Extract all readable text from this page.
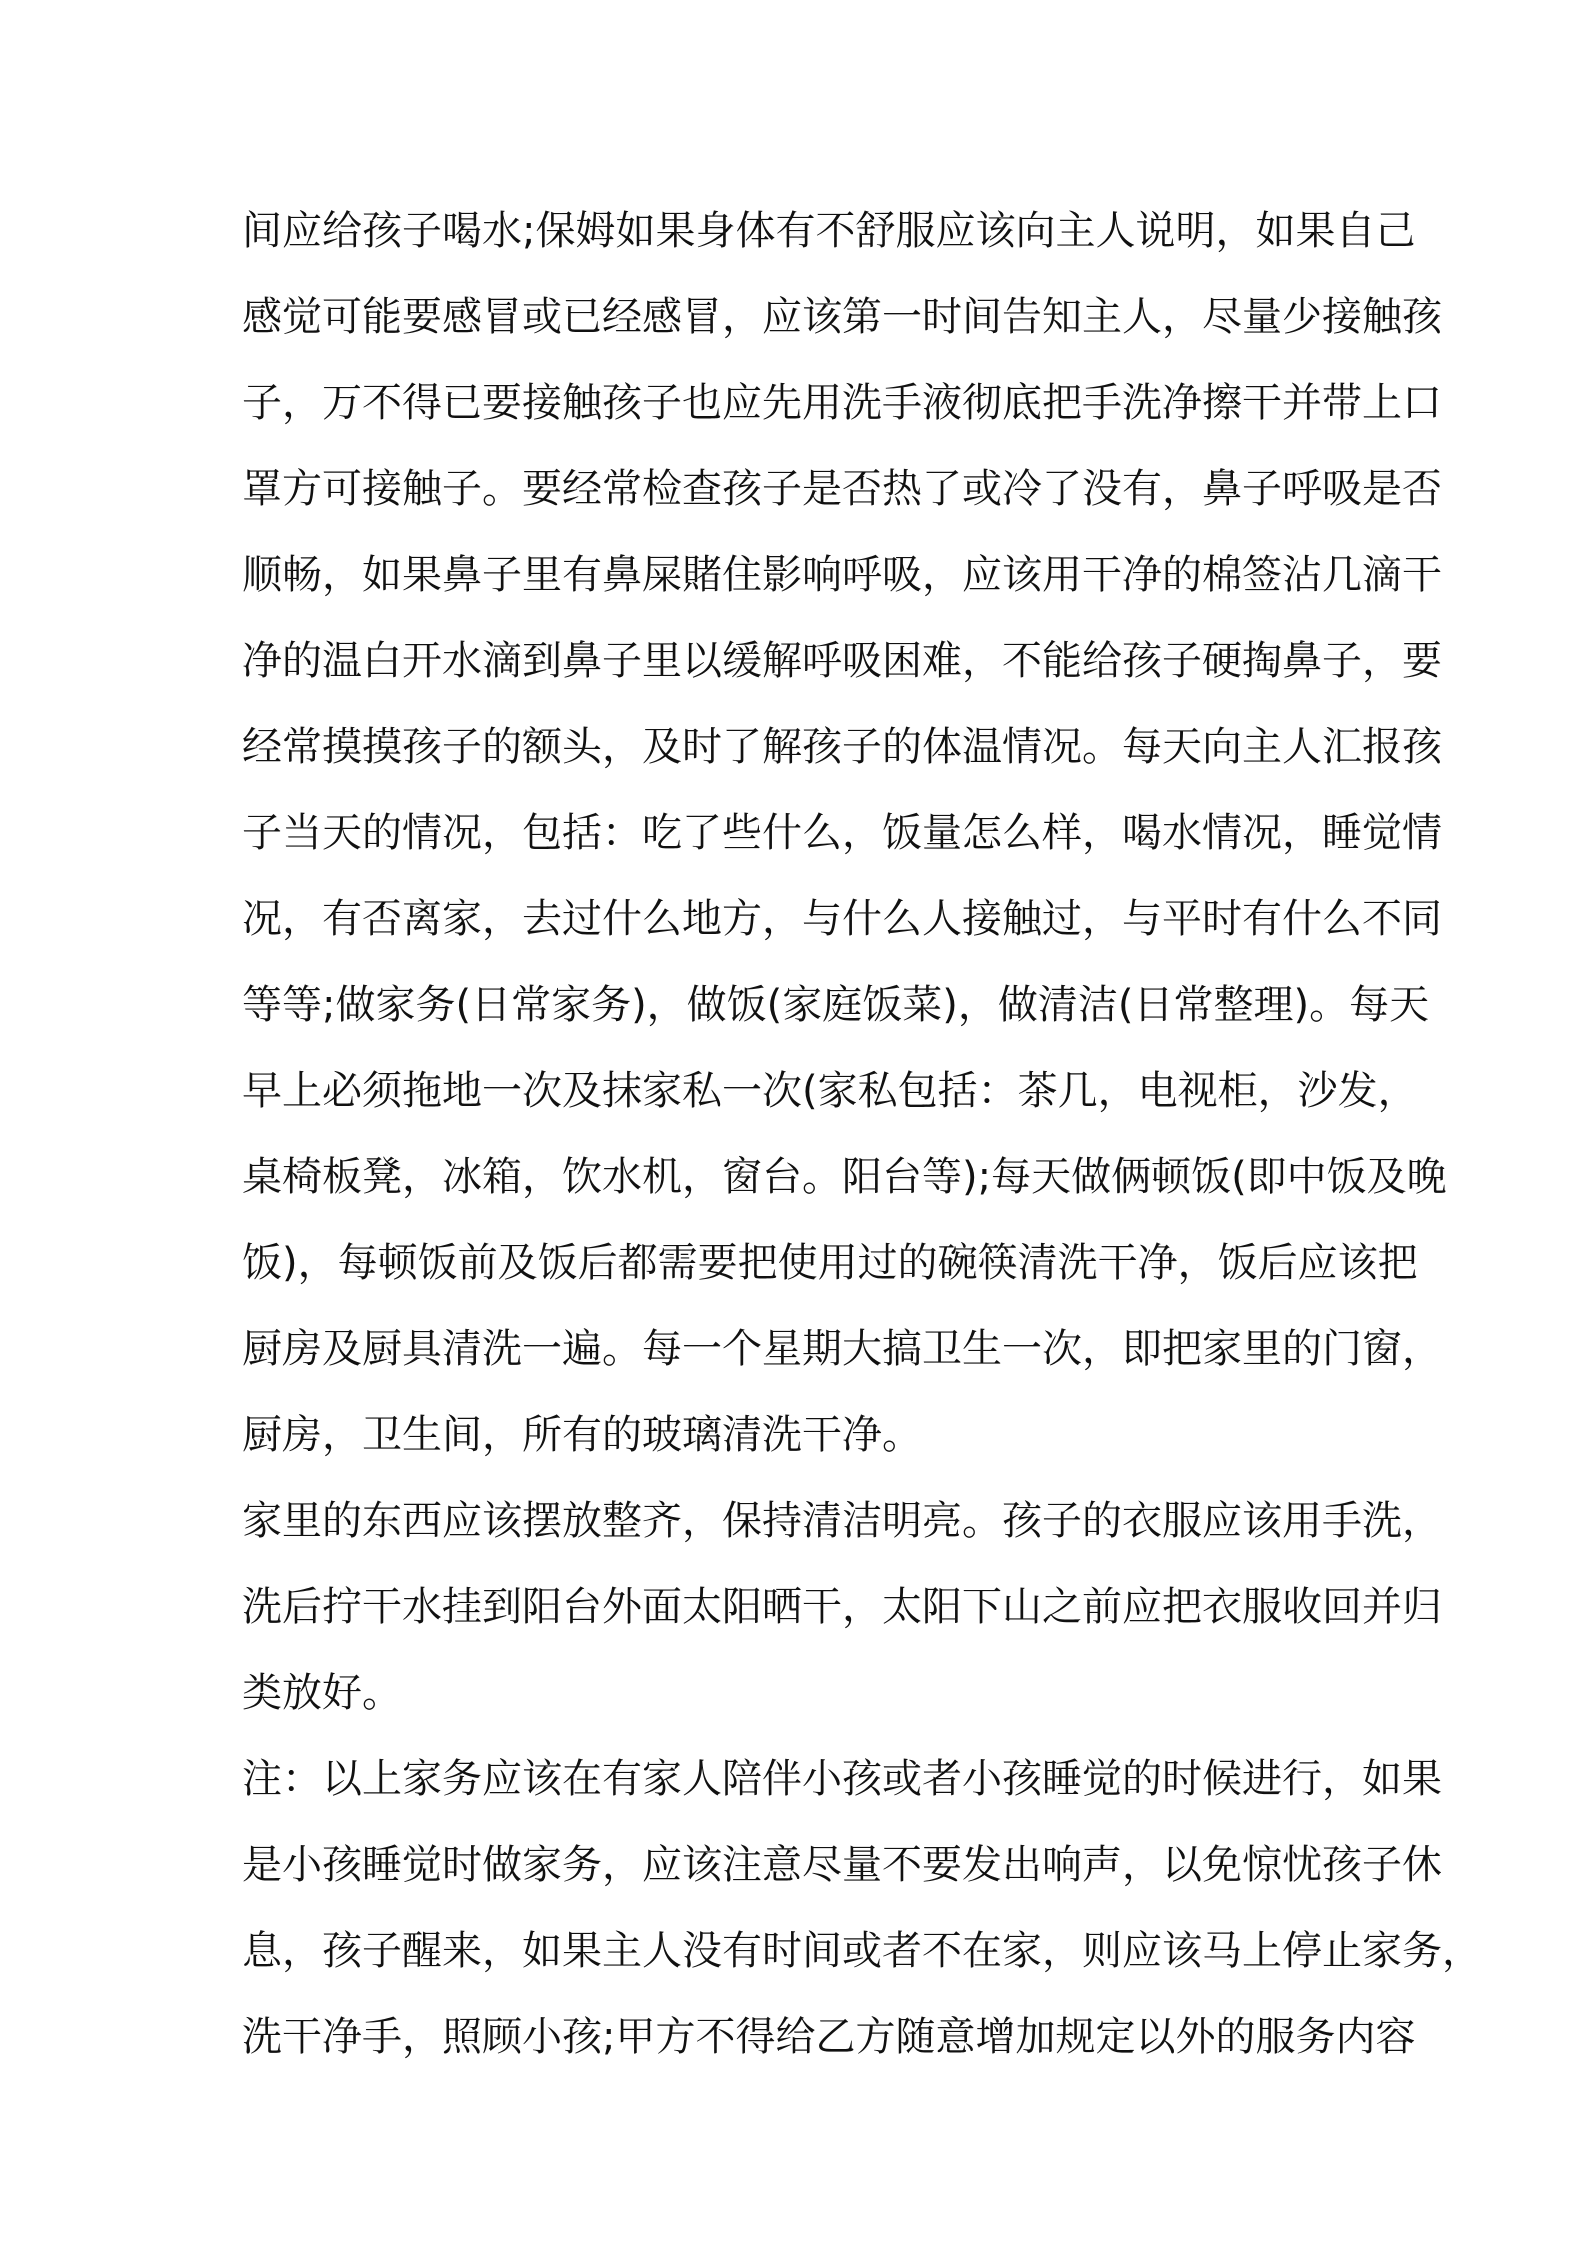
间应给孩子喝水;保姆如果身体有不舒服应该向主人说明，如果自己
感觉可能要感冒或已经感冒，应该第一时间告知主人，尽量少接触孩
子，万不得已要接触孩子也应先用洗手液彻底把手洗净擦干并带上口
罩方可接触子。要经常检查孩子是否热了或冷了没有，鼻子呼吸是否
顺畅，如果鼻子里有鼻屎賭住影响呼吸，应该用干净的棉签沾几滴干
净的温白开水滴到鼻子里以缓解呼吸困难，不能给孩子硬掏鼻子，要
经常摸摸孩子的额头，及时了解孩子的体温情况。每天向主人汇报孩
子当天的情况，包括：吃了些什么，饭量怎么样，喝水情况，睡觉情
况，有否离家，去过什么地方，与什么人接触过，与平时有什么不同
等等;做家务(日常家务)，做饭(家庭饭菜)，做清洁(日常整理)。每天
早上必须拖地一次及抹家私一次(家私包括：茶几，电视柜，沙发，
桌椅板凳，冰箱，饮水机，窗台。阳台等);每天做俩顿饭(即中饭及晚
饭)，每顿饭前及饭后都需要把使用过的碗筷清洗干净，饭后应该把
厨房及厨具清洗一遍。每一个星期大搞卫生一次，即把家里的门窗，
厨房，卫生间，所有的玻璃清洗干净。
家里的东西应该摆放整齐，保持清洁明亮。孩子的衣服应该用手洗，
洗后拧干水挂到阳台外面太阳晒干，太阳下山之前应把衣服收回并归
类放好。
注：以上家务应该在有家人陪伴小孩或者小孩睡觉的时候进行，如果
是小孩睡觉时做家务，应该注意尽量不要发出响声，以免惊忧孩子休
息，孩子醒来，如果主人没有时间或者不在家，则应该马上停止家务，
洗干净手，照顾小孩;甲方不得给乙方随意增加规定以外的服务内容
